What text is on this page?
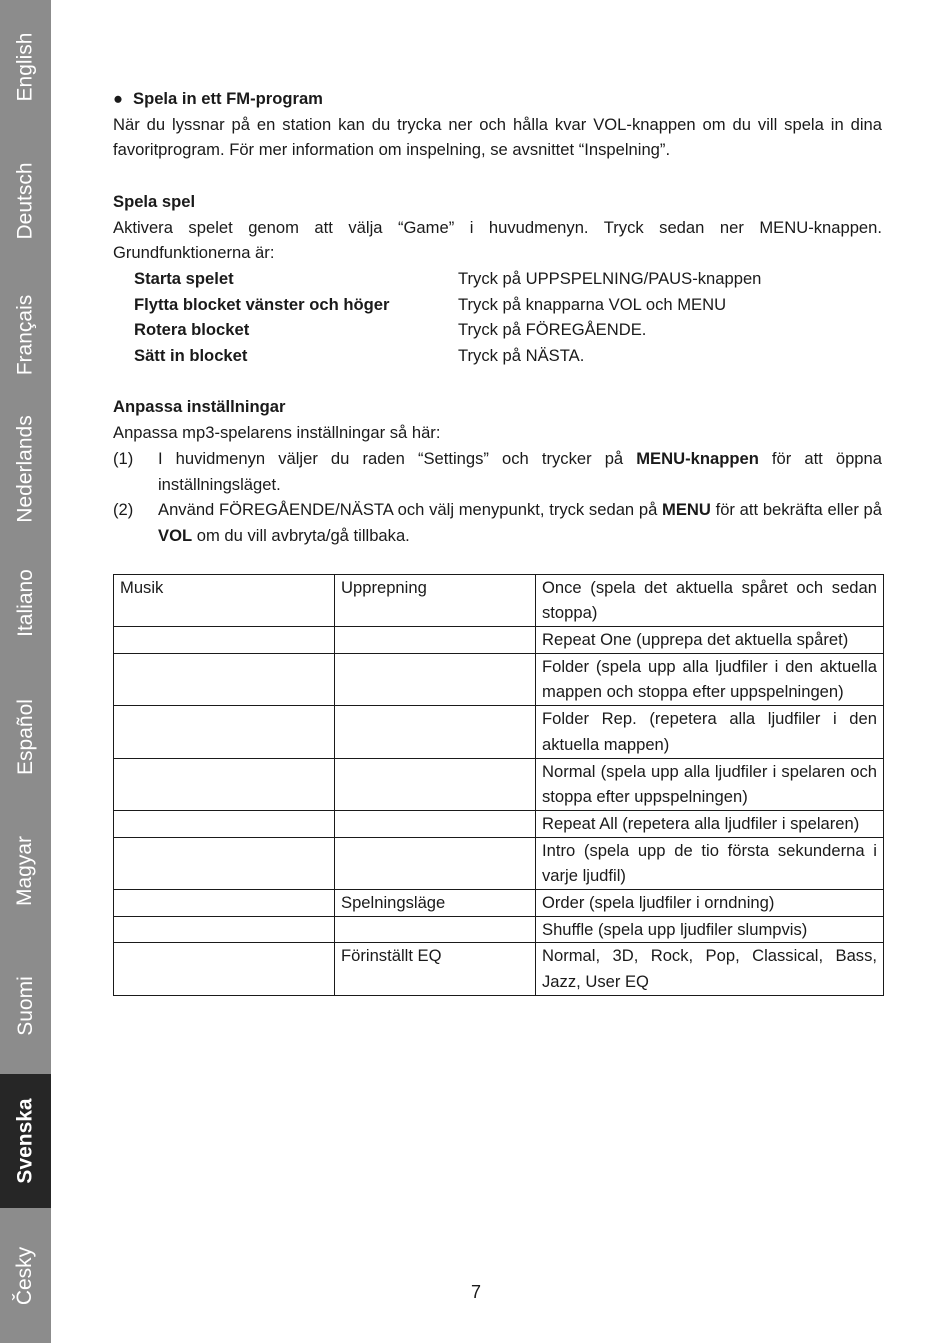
English
Deutsch
Français
Nederlands
Italiano
Español
Magyar
Suomi
Svenska
Česky
● Spela in ett FM-program
När du lyssnar på en station kan du trycka ner och hålla kvar VOL-knappen om du vill spela in dina favoritprogram. För mer information om inspelning, se avsnittet “Inspelning”.
Spela spel
Aktivera spelet genom att välja “Game” i huvudmenyn. Tryck sedan ner MENU-knappen. Grundfunktionerna är:
Starta spelet	Tryck på UPPSPELNING/PAUS-knappen
Flytta blocket vänster och höger	Tryck på knapparna VOL och MENU
Rotera blocket	Tryck på FÖREGÅENDE.
Sätt in blocket	Tryck på NÄSTA.
Anpassa inställningar
Anpassa mp3-spelarens inställningar så här:
(1)	I huvidmenyn väljer du raden “Settings” och trycker på MENU-knappen för att öppna inställningsläget.
(2)	Använd FÖREGÅENDE/NÄSTA och välj menypunkt, tryck sedan på MENU för att bekräfta eller på VOL om du vill avbryta/gå tillbaka.
Musik	Upprepning	Once (spela det aktuella spåret och sedan stoppa)
		Repeat One (upprepa det aktuella spåret)
		Folder (spela upp alla ljudfiler i den aktuella mappen och stoppa efter uppspelningen)
		Folder Rep. (repetera alla ljudfiler i den aktuella mappen)
		Normal (spela upp alla ljudfiler i spelaren och stoppa efter uppspelningen)
		Repeat All (repetera alla ljudfiler i spelaren)
		Intro (spela upp de tio första sekunderna i varje ljudfil)
	Spelningsläge	Order (spela ljudfiler i orndning)
		Shuffle (spela upp ljudfiler slumpvis)
	Förinställt EQ	Normal, 3D, Rock, Pop, Classical, Bass, Jazz, User EQ
7
